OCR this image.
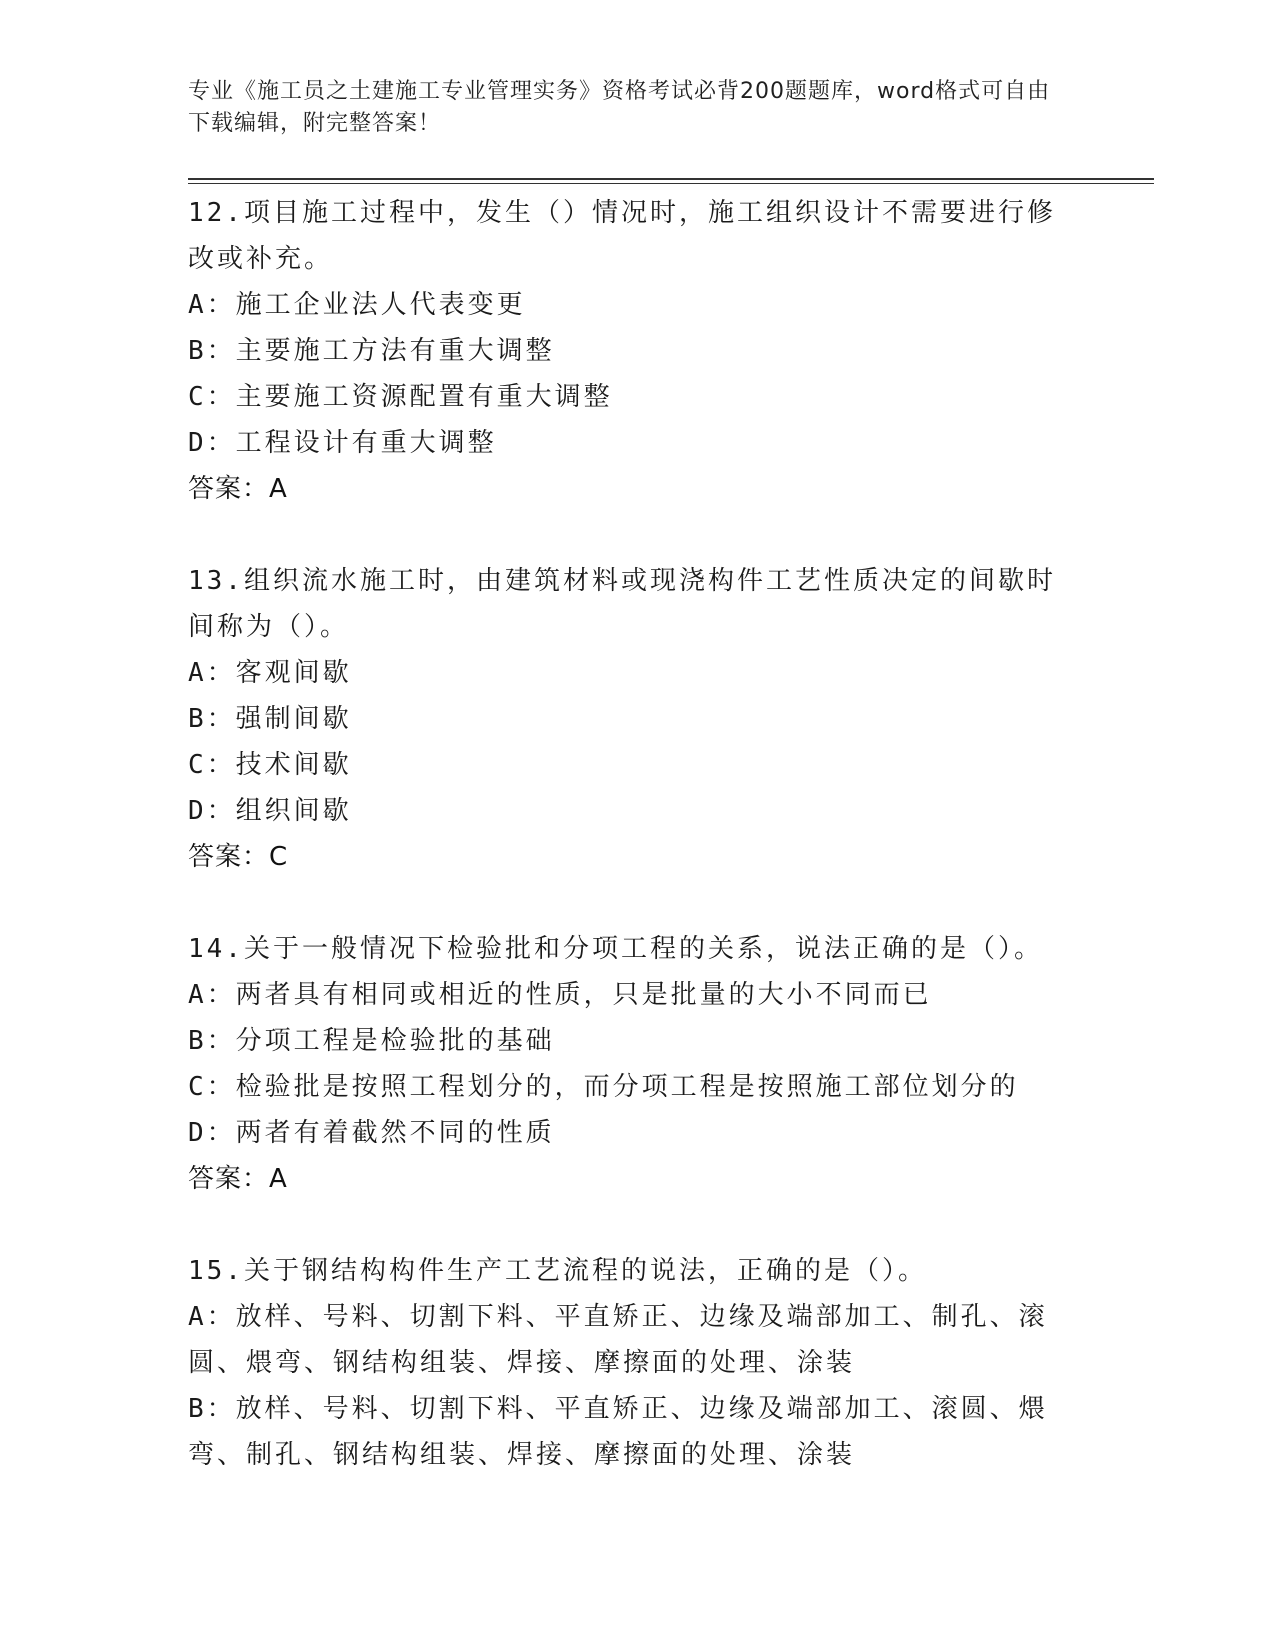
专业《施工员之土建施工专业管理实务》资格考试必背200题题库，word格式可自由下载编辑，附完整答案！
12.项目施工过程中，发生（）情况时，施工组织设计不需要进行修改或补充。
A：施工企业法人代表变更
B：主要施工方法有重大调整
C：主要施工资源配置有重大调整
D：工程设计有重大调整
答案：A
13.组织流水施工时，由建筑材料或现浇构件工艺性质决定的间歇时间称为（）。
A：客观间歇
B：强制间歇
C：技术间歇
D：组织间歇
答案：C
14.关于一般情况下检验批和分项工程的关系，说法正确的是（）。
A：两者具有相同或相近的性质，只是批量的大小不同而已
B：分项工程是检验批的基础
C：检验批是按照工程划分的，而分项工程是按照施工部位划分的
D：两者有着截然不同的性质
答案：A
15.关于钢结构构件生产工艺流程的说法，正确的是（）。
A：放样、号料、切割下料、平直矫正、边缘及端部加工、制孔、滚圆、煨弯、钢结构组装、焊接、摩擦面的处理、涂装
B：放样、号料、切割下料、平直矫正、边缘及端部加工、滚圆、煨弯、制孔、钢结构组装、焊接、摩擦面的处理、涂装
